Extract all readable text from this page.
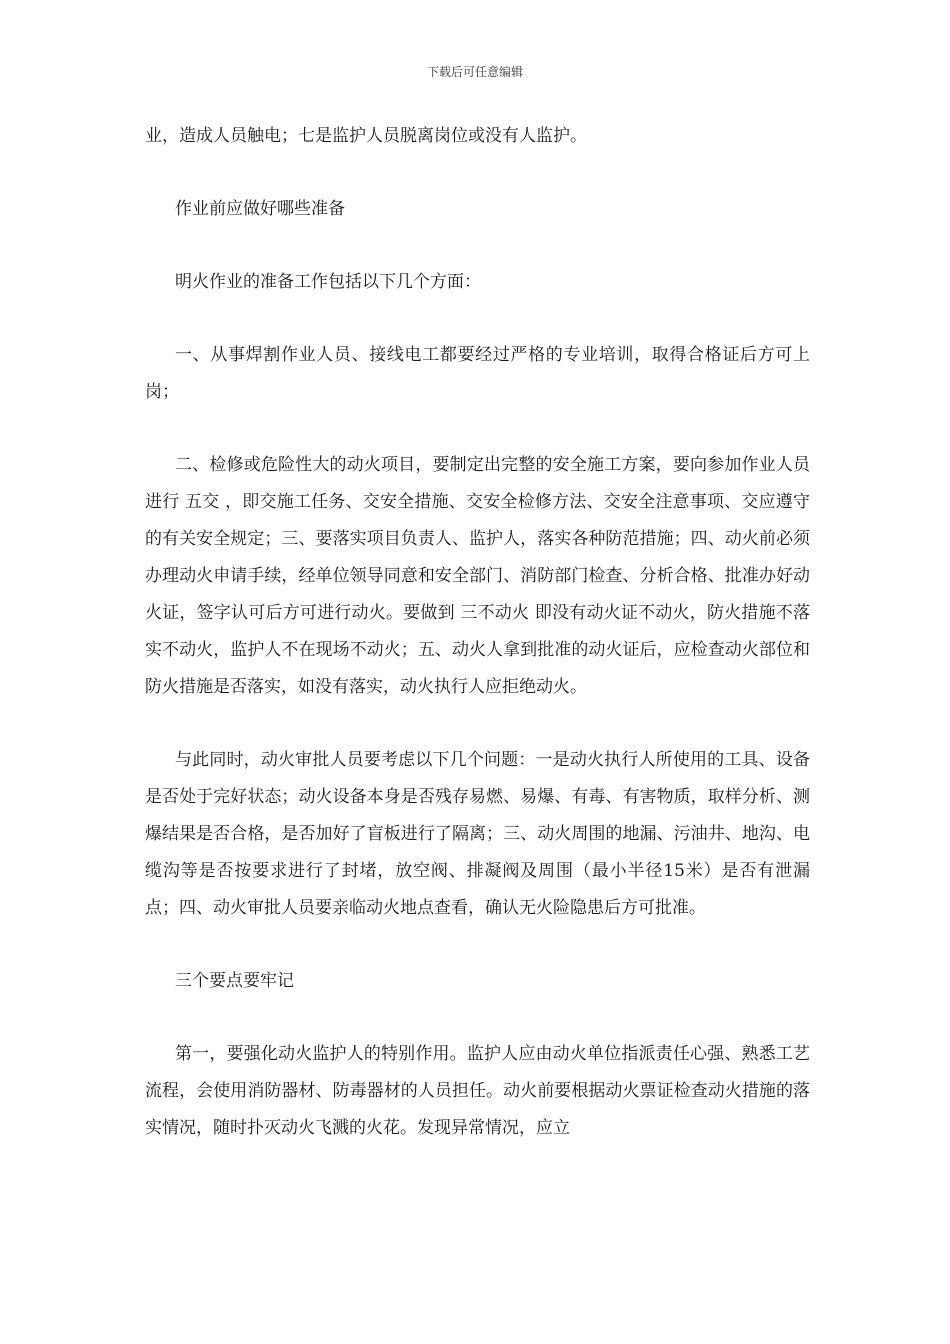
下载后可任意编辑

业，造成人员触电；七是监护人员脱离岗位或没有人监护。

作业前应做好哪些准备

明火作业的准备工作包括以下几个方面：

一、从事焊割作业人员、接线电工都要经过严格的专业培训，取得合格证后方可上岗；

二、检修或危险性大的动火项目，要制定出完整的安全施工方案，要向参加作业人员进行 五交 ，即交施工任务、交安全措施、交安全检修方法、交安全注意事项、交应遵守的有关安全规定；三、要落实项目负责人、监护人，落实各种防范措施；四、动火前必须办理动火申请手续，经单位领导同意和安全部门、消防部门检查、分析合格、批准办好动火证，签字认可后方可进行动火。要做到 三不动火 即没有动火证不动火，防火措施不落实不动火，监护人不在现场不动火；五、动火人拿到批准的动火证后，应检查动火部位和防火措施是否落实，如没有落实，动火执行人应拒绝动火。

与此同时，动火审批人员要考虑以下几个问题：一是动火执行人所使用的工具、设备是否处于完好状态；动火设备本身是否残存易燃、易爆、有毒、有害物质，取样分析、测爆结果是否合格，是否加好了盲板进行了隔离；三、动火周围的地漏、污油井、地沟、电缆沟等是否按要求进行了封堵，放空阀、排凝阀及周围（最小半径15米）是否有泄漏点；四、动火审批人员要亲临动火地点查看，确认无火险隐患后方可批准。

三个要点要牢记

第一，要强化动火监护人的特别作用。监护人应由动火单位指派责任心强、熟悉工艺流程，会使用消防器材、防毒器材的人员担任。动火前要根据动火票证检查动火措施的落实情况，随时扑灭动火飞溅的火花。发现异常情况，应立
